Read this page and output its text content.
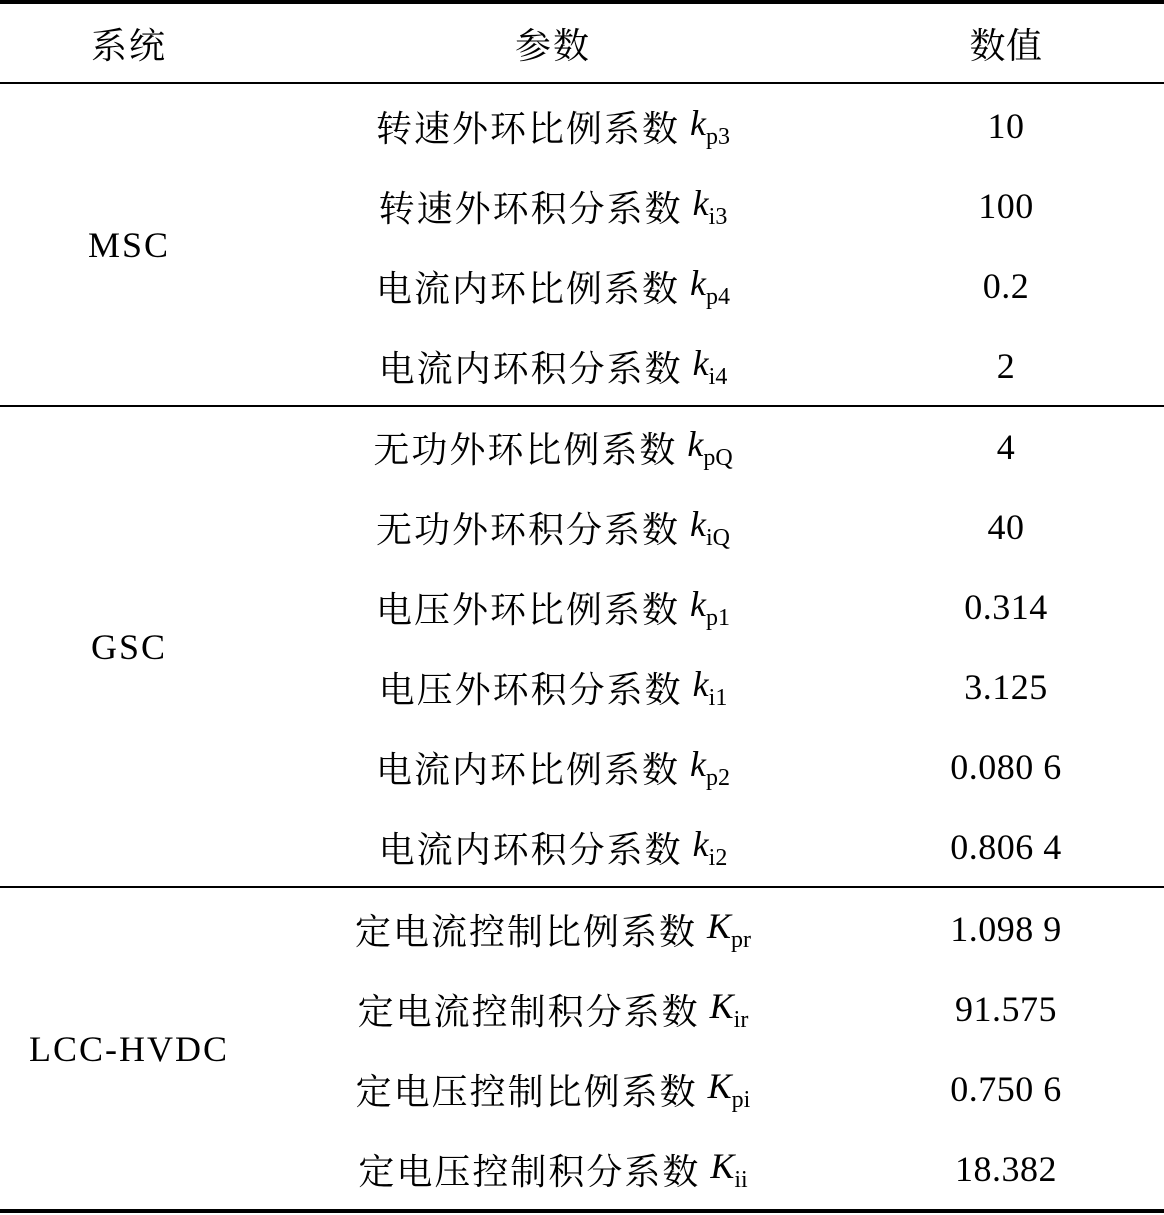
系统	参数	数值
MSC
转速外环比例系数 $k_{p3}$	10
转速外环积分系数 $k_{i3}$	100
电流内环比例系数 $k_{p4}$	0.2
电流内环积分系数 $k_{i4}$	2
GSC
无功外环比例系数 $k_{pQ}$	4
无功外环积分系数 $k_{iQ}$	40
电压外环比例系数 $k_{p1}$	0.314
电压外环积分系数 $k_{i1}$	3.125
电流内环比例系数 $k_{p2}$	0.080 6
电流内环积分系数 $k_{i2}$	0.806 4
LCC-HVDC
定电流控制比例系数 $K_{pr}$	1.098 9
定电流控制积分系数 $K_{ir}$	91.575
定电压控制比例系数 $K_{pi}$	0.750 6
定电压控制积分系数 $K_{ii}$	18.382
